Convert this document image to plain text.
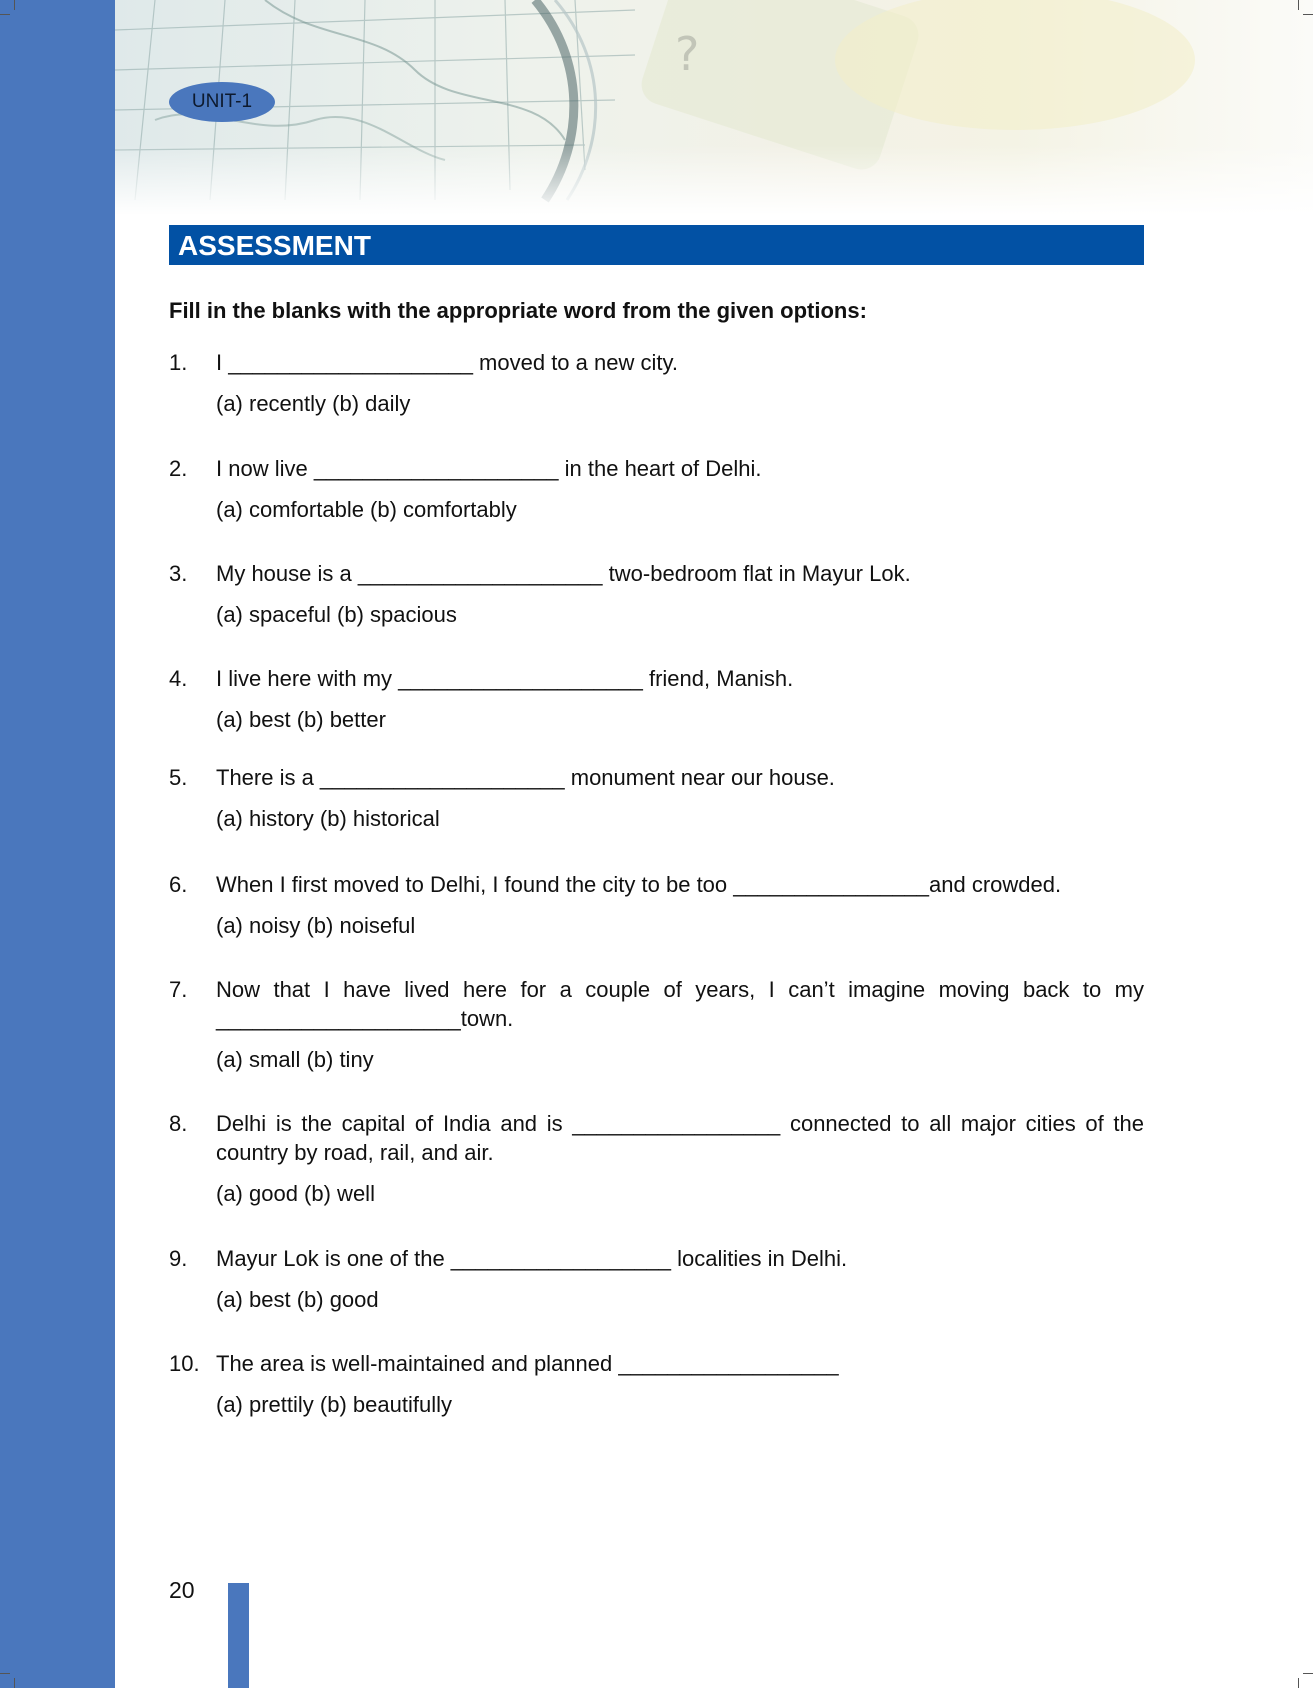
?
UNIT-1
ASSESSMENT
Fill in the blanks with the appropriate word from the given options:
1. I ____________________ moved to a new city.
(a) recently (b) daily
2. I now live ____________________ in the heart of Delhi.
(a) comfortable (b) comfortably
3. My house is a ____________________ two-bedroom flat in Mayur Lok.
(a) spaceful (b) spacious
4. I live here with my ____________________ friend, Manish.
(a) best (b) better
5. There is a ____________________ monument near our house.
(a) history (b) historical
6. When I first moved to Delhi, I found the city to be too ________________and crowded.
(a) noisy (b) noiseful
7. Now that I have lived here for a couple of years, I can’t imagine moving back to my ____________________town.
(a) small (b) tiny
8. Delhi is the capital of India and is _________________ connected to all major cities of the country by road, rail, and air.
(a) good (b) well
9. Mayur Lok is one of the __________________ localities in Delhi.
(a) best (b) good
10. The area is well-maintained and planned __________________
(a) prettily (b) beautifully
20
